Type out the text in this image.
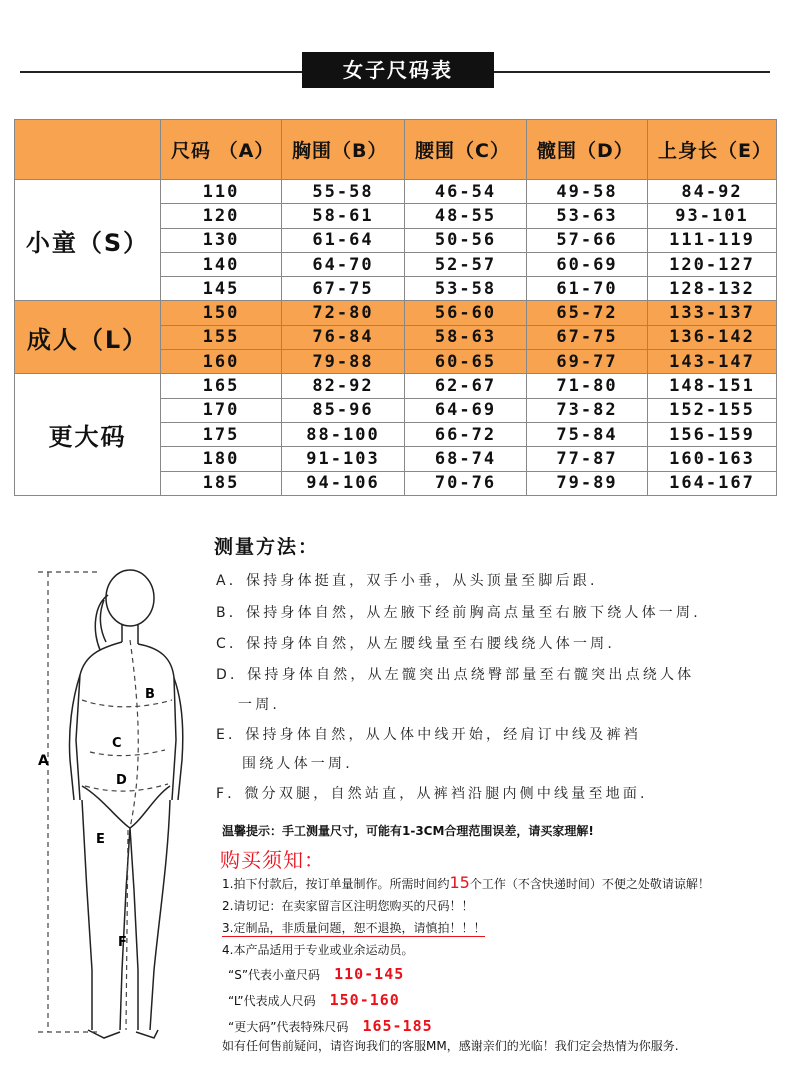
女子尺码表
	尺码 （A）	胸围（B）	腰围（C）	髋围（D）	上身长（E）
小童（S）	110	55-58	46-54	49-58	84-92
	120	58-61	48-55	53-63	93-101
	130	61-64	50-56	57-66	111-119
	140	64-70	52-57	60-69	120-127
	145	67-75	53-58	61-70	128-132
成人（L）	150	72-80	56-60	65-72	133-137
	155	76-84	58-63	67-75	136-142
	160	79-88	60-65	69-77	143-147
更大码	165	82-92	62-67	71-80	148-151
	170	85-96	64-69	73-82	152-155
	175	88-100	66-72	75-84	156-159
	180	91-103	68-74	77-87	160-163
	185	94-106	70-76	79-89	164-167
测量方法：
A．保持身体挺直，双手小垂，从头顶量至脚后跟.
B．保持身体自然，从左腋下经前胸高点量至右腋下绕人体一周.
C．保持身体自然，从左腰线量至右腰线绕人体一周.
D．保持身体自然，从左髋突出点绕臀部量至右髋突出点绕人体
一周.
E．保持身体自然，从人体中线开始，经肩订中线及裤裆
围绕人体一周.
F．微分双腿，自然站直，从裤裆沿腿内侧中线量至地面.
A
B
C
D
E
F
温馨提示：手工测量尺寸，可能有1-3CM合理范围误差，请买家理解!
购买须知：
1.拍下付款后，按订单量制作。所需时间约15个工作（不含快递时间）不便之处敬请谅解！
2.请切记：在卖家留言区注明您购买的尺码！！
3.定制品，非质量问题，恕不退换，请慎拍！！！
4.本产品适用于专业或业余运动员。
“S”代表小童尺码 110-145
“L”代表成人尺码 150-160
“更大码”代表特殊尺码 165-185
如有任何售前疑问，请咨询我们的客服MM，感谢亲们的光临！我们定会热情为你服务.
